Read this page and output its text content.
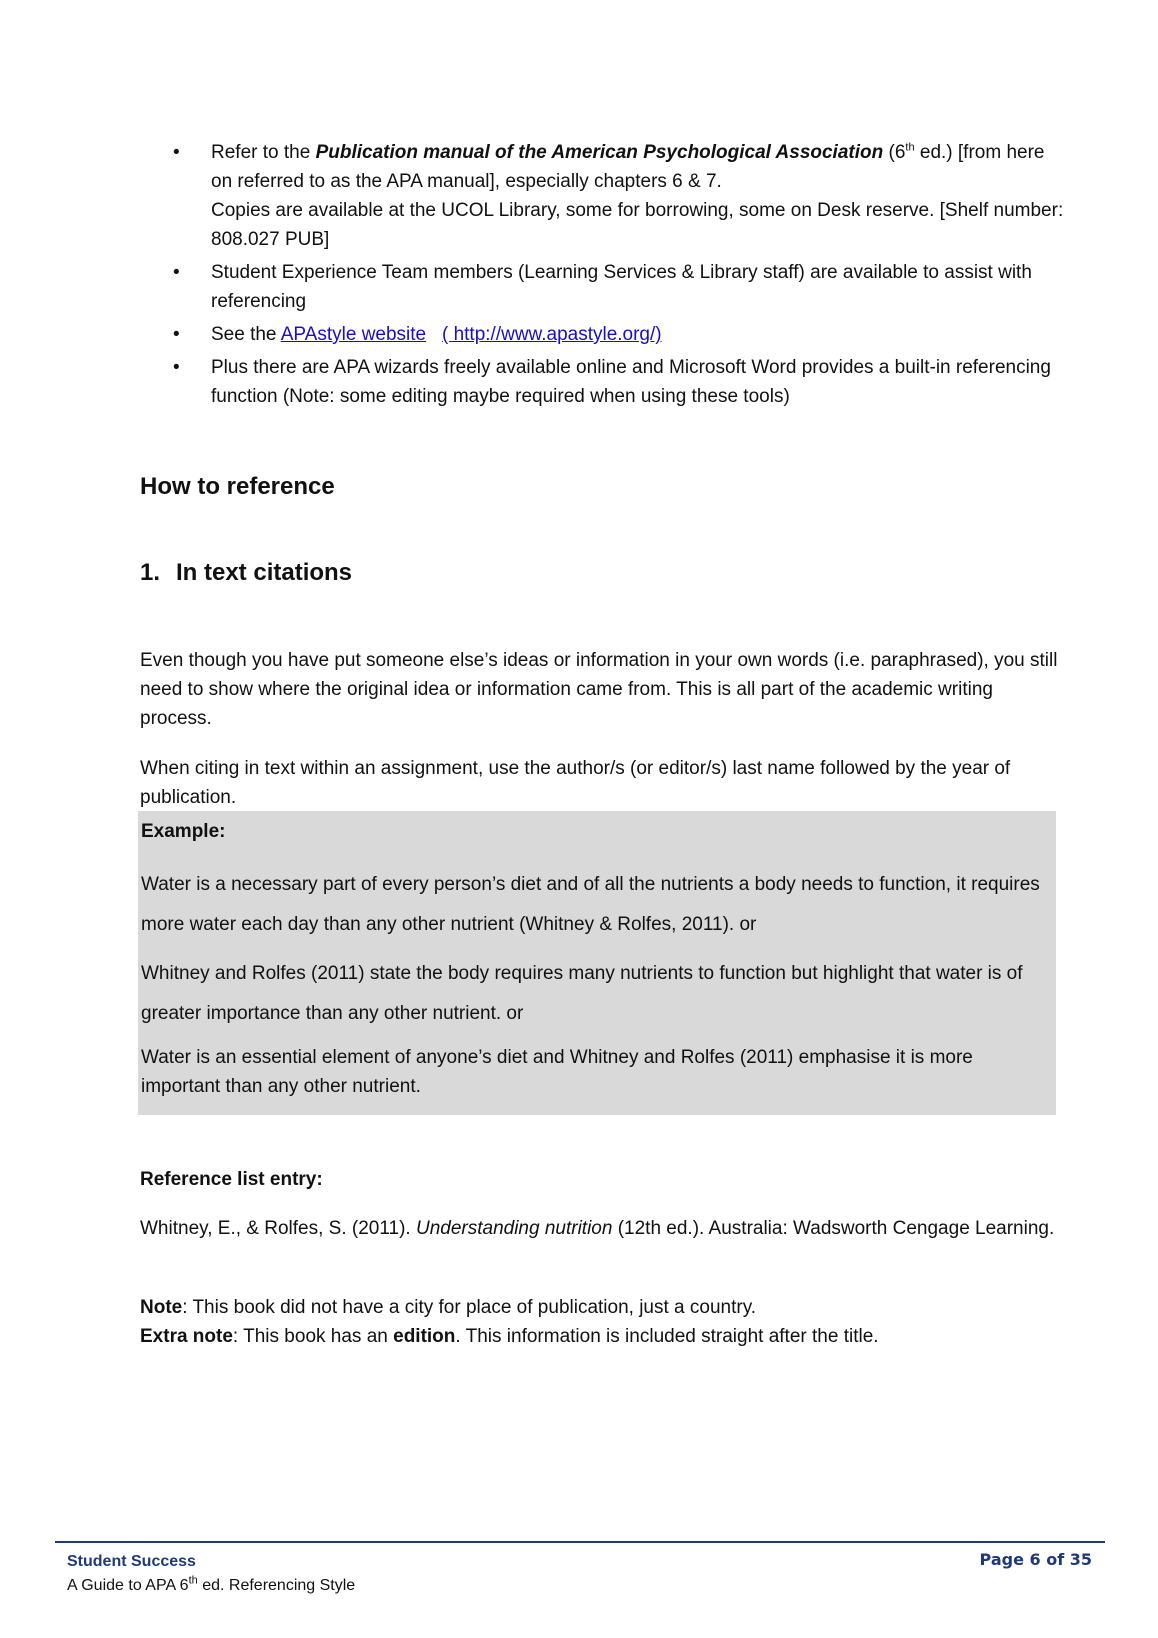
• Refer to the Publication manual of the American Psychological Association (6th ed.) [from here on referred to as the APA manual], especially chapters 6 & 7.
Copies are available at the UCOL Library, some for borrowing, some on Desk reserve. [Shelf number: 808.027 PUB]
• Student Experience Team members (Learning Services & Library staff) are available to assist with referencing
• See the APAstyle website ( http://www.apastyle.org/)
• Plus there are APA wizards freely available online and Microsoft Word provides a built-in referencing function (Note: some editing maybe required when using these tools)
How to reference
1. In text citations

Even though you have put someone else’s ideas or information in your own words (i.e. paraphrased), you still need to show where the original idea or information came from. This is all part of the academic writing process.

When citing in text within an assignment, use the author/s (or editor/s) last name followed by the year of publication.

Example:

Water is a necessary part of every person’s diet and of all the nutrients a body needs to function, it requires more water each day than any other nutrient (Whitney & Rolfes, 2011). or

Whitney and Rolfes (2011) state the body requires many nutrients to function but highlight that water is of greater importance than any other nutrient. or

Water is an essential element of anyone’s diet and Whitney and Rolfes (2011) emphasise it is more important than any other nutrient.

Reference list entry:

Whitney, E., & Rolfes, S. (2011). Understanding nutrition (12th ed.). Australia: Wadsworth Cengage Learning.

Note: This book did not have a city for place of publication, just a country.
Extra note: This book has an edition. This information is included straight after the title.

Student Success
A Guide to APA 6th ed. Referencing Style
Page 6 of 35
